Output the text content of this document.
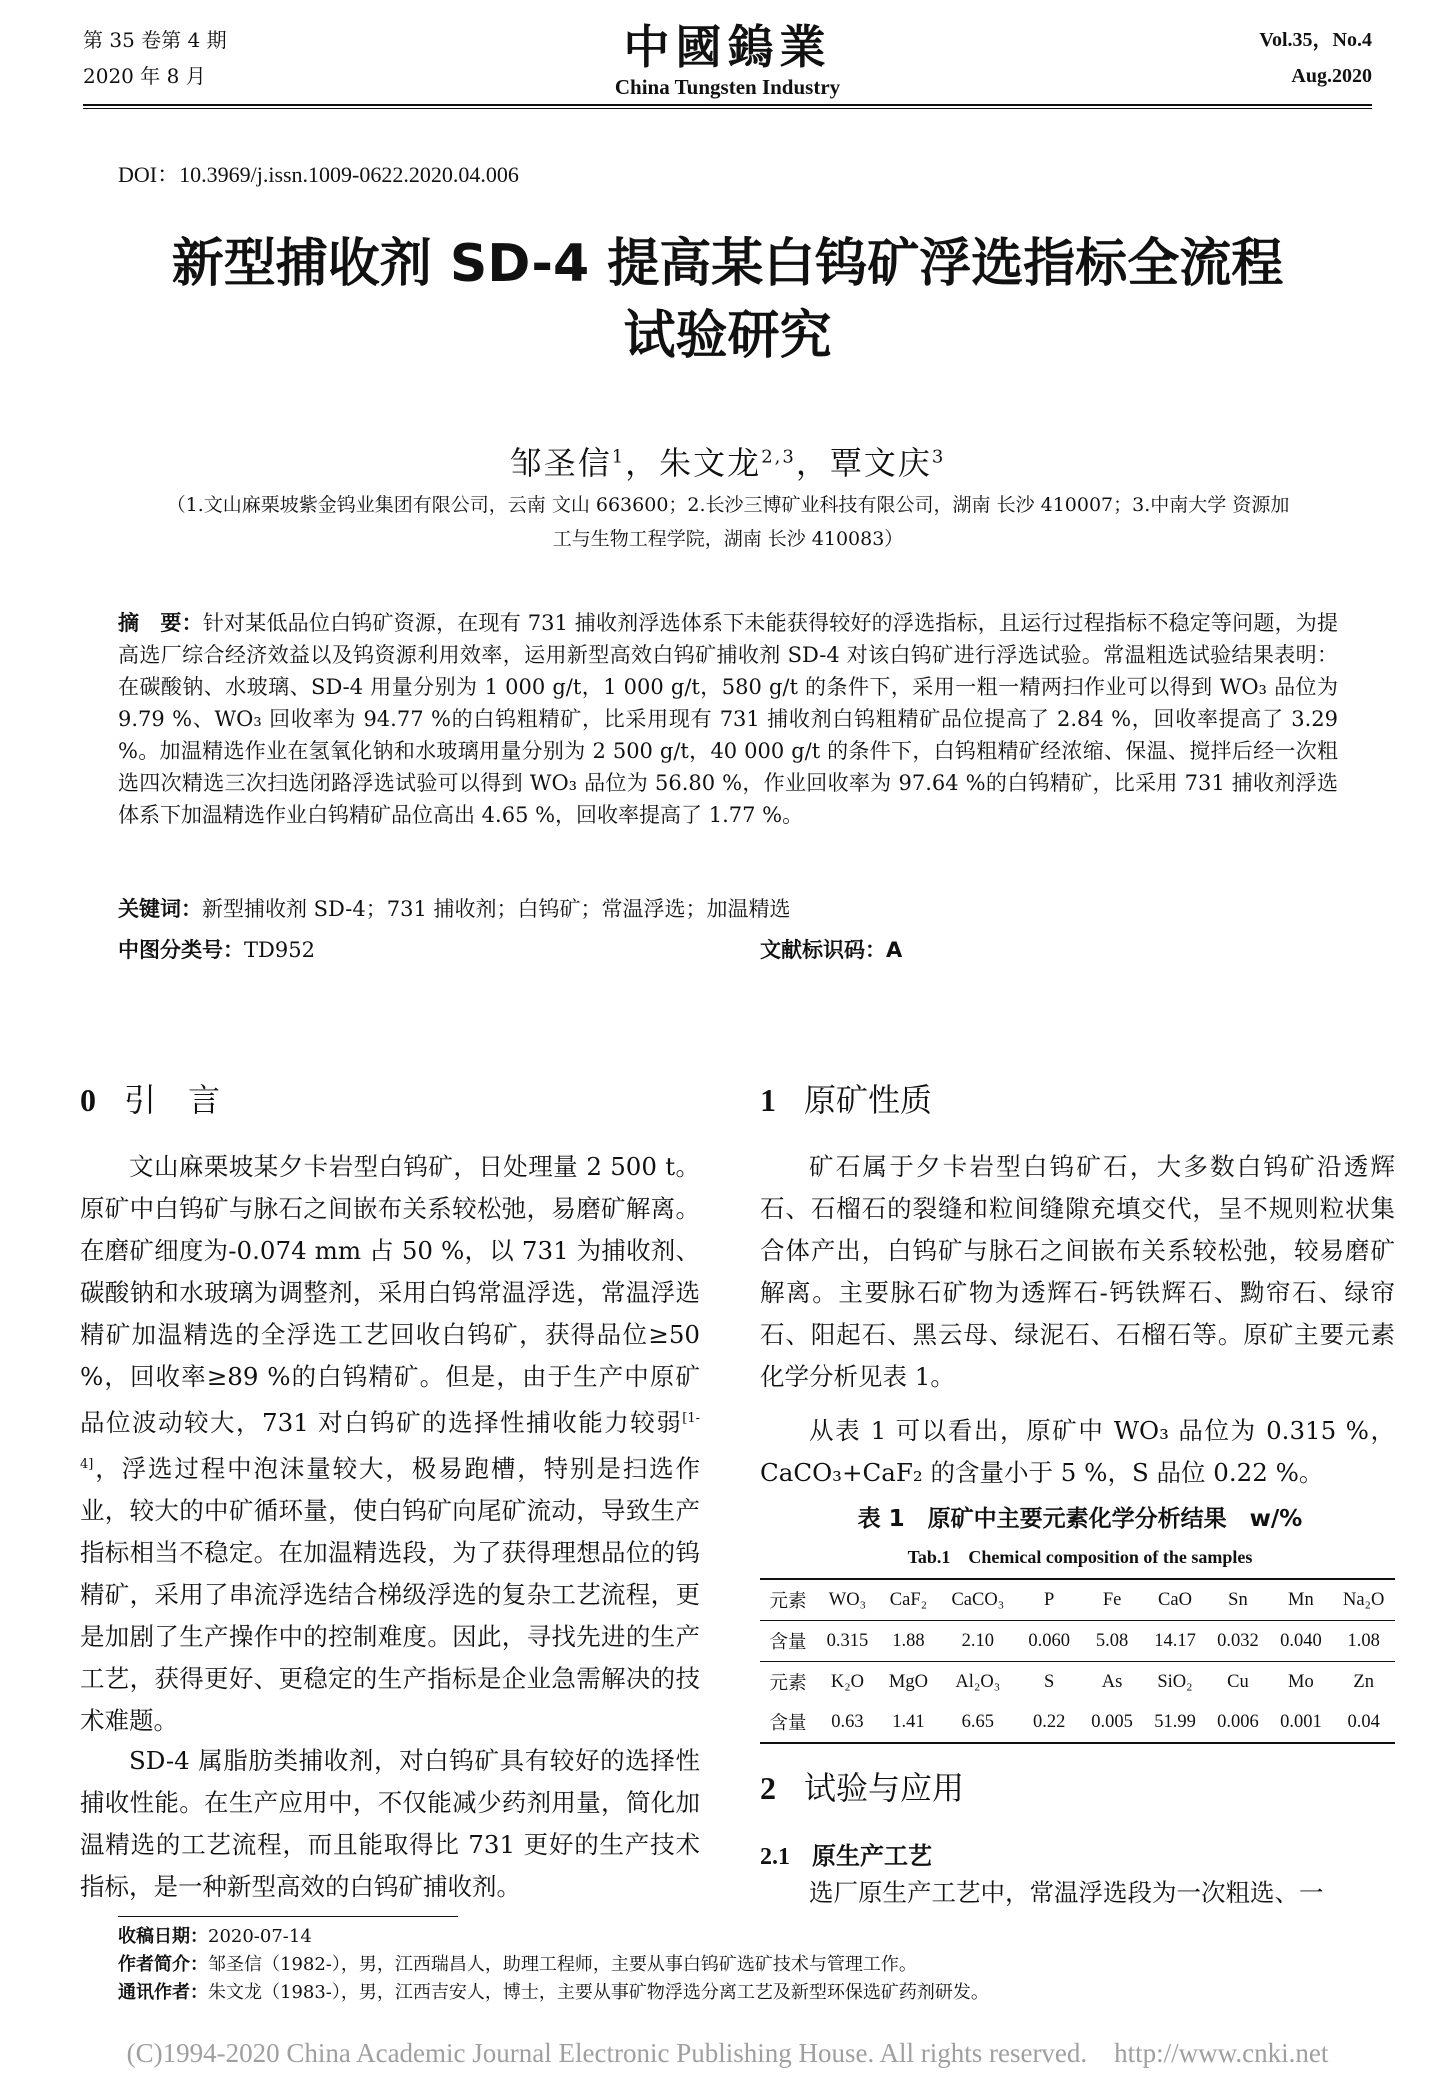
第 35 卷第 4 期
2020 年 8 月
中國鎢業
China Tungsten Industry
Vol.35，No.4
Aug.2020
DOI：10.3969/j.issn.1009-0622.2020.04.006
新型捕收剂 SD-4 提高某白钨矿浮选指标全流程
试验研究
邹圣信$^1$，朱文龙$^{2,3}$，覃文庆$^3$
（1.文山麻栗坡紫金钨业集团有限公司，云南 文山 663600；2.长沙三博矿业科技有限公司，湖南 长沙 410007；3.中南大学 资源加
工与生物工程学院，湖南 长沙 410083）
摘　要：针对某低品位白钨矿资源，在现有 731 捕收剂浮选体系下未能获得较好的浮选指标，且运行过程指标不稳定等问题，为提高选厂综合经济效益以及钨资源利用效率，运用新型高效白钨矿捕收剂 SD-4 对该白钨矿进行浮选试验。常温粗选试验结果表明：在碳酸钠、水玻璃、SD-4 用量分别为 1 000 g/t，1 000 g/t，580 g/t 的条件下，采用一粗一精两扫作业可以得到 WO₃ 品位为 9.79 %、WO₃ 回收率为 94.77 %的白钨粗精矿，比采用现有 731 捕收剂白钨粗精矿品位提高了 2.84 %，回收率提高了 3.29 %。加温精选作业在氢氧化钠和水玻璃用量分别为 2 500 g/t，40 000 g/t 的条件下，白钨粗精矿经浓缩、保温、搅拌后经一次粗选四次精选三次扫选闭路浮选试验可以得到 WO₃ 品位为 56.80 %，作业回收率为 97.64 %的白钨精矿，比采用 731 捕收剂浮选体系下加温精选作业白钨精矿品位高出 4.65 %，回收率提高了 1.77 %。
关键词：新型捕收剂 SD-4；731 捕收剂；白钨矿；常温浮选；加温精选
中图分类号：TD952	文献标识码：A
0 引　言
文山麻栗坡某夕卡岩型白钨矿，日处理量 2 500 t。原矿中白钨矿与脉石之间嵌布关系较松弛，易磨矿解离。在磨矿细度为-0.074 mm 占 50 %，以 731 为捕收剂、碳酸钠和水玻璃为调整剂，采用白钨常温浮选，常温浮选精矿加温精选的全浮选工艺回收白钨矿，获得品位≥50 %，回收率≥89 %的白钨精矿。但是，由于生产中原矿品位波动较大，731 对白钨矿的选择性捕收能力较弱[1-4]，浮选过程中泡沫量较大，极易跑槽，特别是扫选作业，较大的中矿循环量，使白钨矿向尾矿流动，导致生产指标相当不稳定。在加温精选段，为了获得理想品位的钨精矿，采用了串流浮选结合梯级浮选的复杂工艺流程，更是加剧了生产操作中的控制难度。因此，寻找先进的生产工艺，获得更好、更稳定的生产指标是企业急需解决的技术难题。
SD-4 属脂肪类捕收剂，对白钨矿具有较好的选择性捕收性能。在生产应用中，不仅能减少药剂用量，简化加温精选的工艺流程，而且能取得比 731 更好的生产技术指标，是一种新型高效的白钨矿捕收剂。
1 原矿性质
矿石属于夕卡岩型白钨矿石，大多数白钨矿沿透辉石、石榴石的裂缝和粒间缝隙充填交代，呈不规则粒状集合体产出，白钨矿与脉石之间嵌布关系较松弛，较易磨矿解离。主要脉石矿物为透辉石-钙铁辉石、黝帘石、绿帘石、阳起石、黑云母、绿泥石、石榴石等。原矿主要元素化学分析见表 1。
从表 1 可以看出，原矿中 WO₃ 品位为 0.315 %，CaCO₃+CaF₂ 的含量小于 5 %，S 品位 0.22 %。
表 1　原矿中主要元素化学分析结果　w/%
Tab.1　Chemical composition of the samples
元素	WO₃	CaF₂	CaCO₃	P	Fe	CaO	Sn	Mn	Na₂O
含量	0.315	1.88	2.10	0.060	5.08	14.17	0.032	0.040	1.08
元素	K₂O	MgO	Al₂O₃	S	As	SiO₂	Cu	Mo	Zn
含量	0.63	1.41	6.65	0.22	0.005	51.99	0.006	0.001	0.04
2 试验与应用
2.1 原生产工艺
选厂原生产工艺中，常温浮选段为一次粗选、一
收稿日期：2020-07-14
作者简介：邹圣信（1982-），男，江西瑞昌人，助理工程师，主要从事白钨矿选矿技术与管理工作。
通讯作者：朱文龙（1983-），男，江西吉安人，博士，主要从事矿物浮选分离工艺及新型环保选矿药剂研发。
(C)1994-2020 China Academic Journal Electronic Publishing House. All rights reserved.　http://www.cnki.net
